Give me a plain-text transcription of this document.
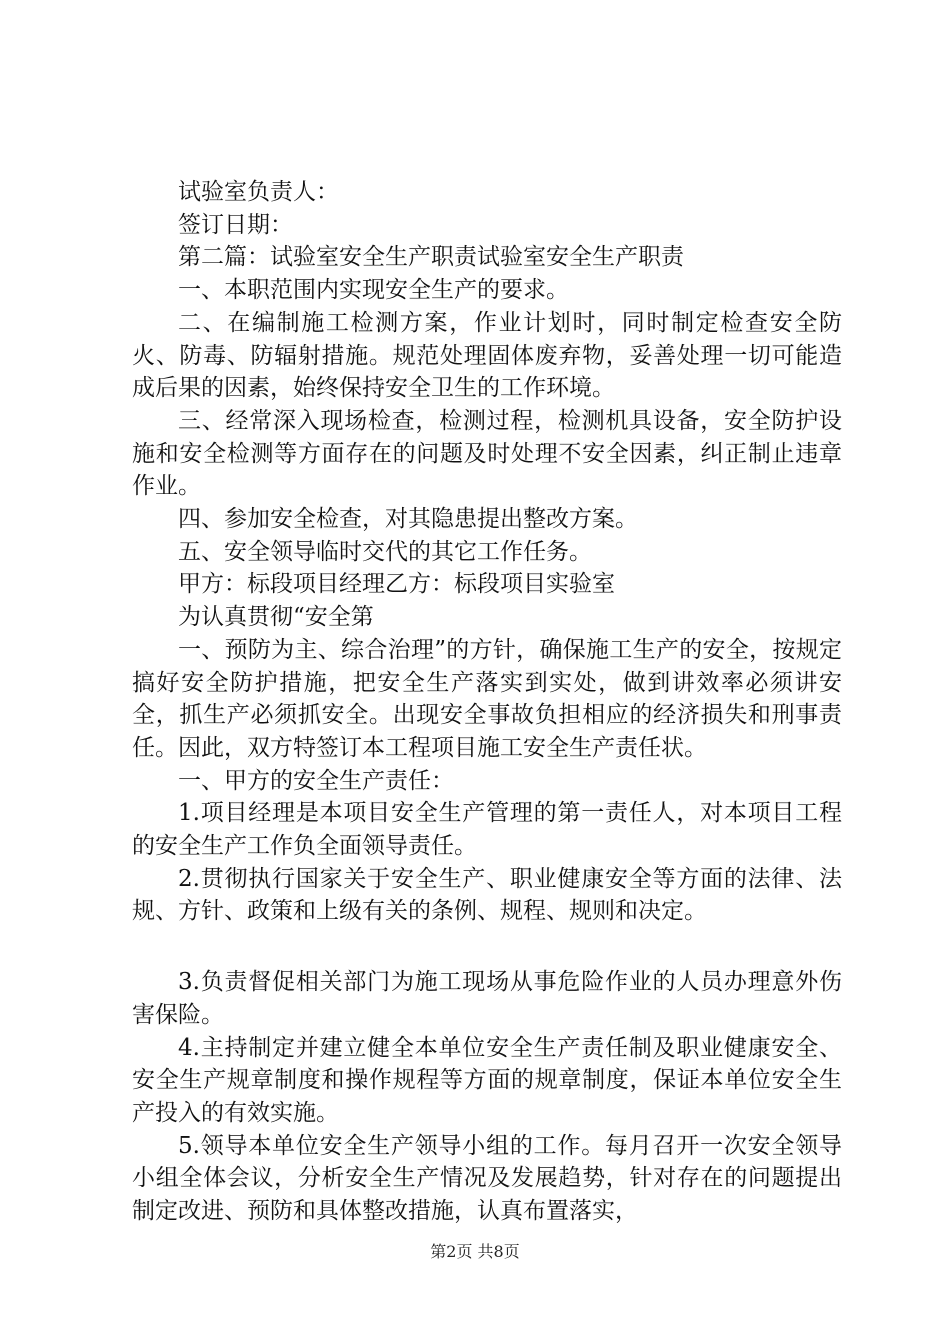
试验室负责人：

签订日期：

第二篇：试验室安全生产职责试验室安全生产职责

一、本职范围内实现安全生产的要求。

二、在编制施工检测方案，作业计划时，同时制定检查安全防火、防毒、防辐射措施。规范处理固体废弃物，妥善处理一切可能造成后果的因素，始终保持安全卫生的工作环境。

三、经常深入现场检查，检测过程，检测机具设备，安全防护设施和安全检测等方面存在的问题及时处理不安全因素，纠正制止违章作业。

四、参加安全检查，对其隐患提出整改方案。

五、安全领导临时交代的其它工作任务。

甲方：标段项目经理乙方：标段项目实验室

为认真贯彻“安全第

一、预防为主、综合治理”的方针，确保施工生产的安全，按规定搞好安全防护措施，把安全生产落实到实处，做到讲效率必须讲安全，抓生产必须抓安全。出现安全事故负担相应的经济损失和刑事责任。因此，双方特签订本工程项目施工安全生产责任状。

一、甲方的安全生产责任：

1.项目经理是本项目安全生产管理的第一责任人，对本项目工程的安全生产工作负全面领导责任。

2.贯彻执行国家关于安全生产、职业健康安全等方面的法律、法规、方针、政策和上级有关的条例、规程、规则和决定。

3.负责督促相关部门为施工现场从事危险作业的人员办理意外伤害保险。

4.主持制定并建立健全本单位安全生产责任制及职业健康安全、安全生产规章制度和操作规程等方面的规章制度，保证本单位安全生产投入的有效实施。

5.领导本单位安全生产领导小组的工作。每月召开一次安全领导小组全体会议，分析安全生产情况及发展趋势，针对存在的问题提出制定改进、预防和具体整改措施，认真布置落实，

第2页 共8页
